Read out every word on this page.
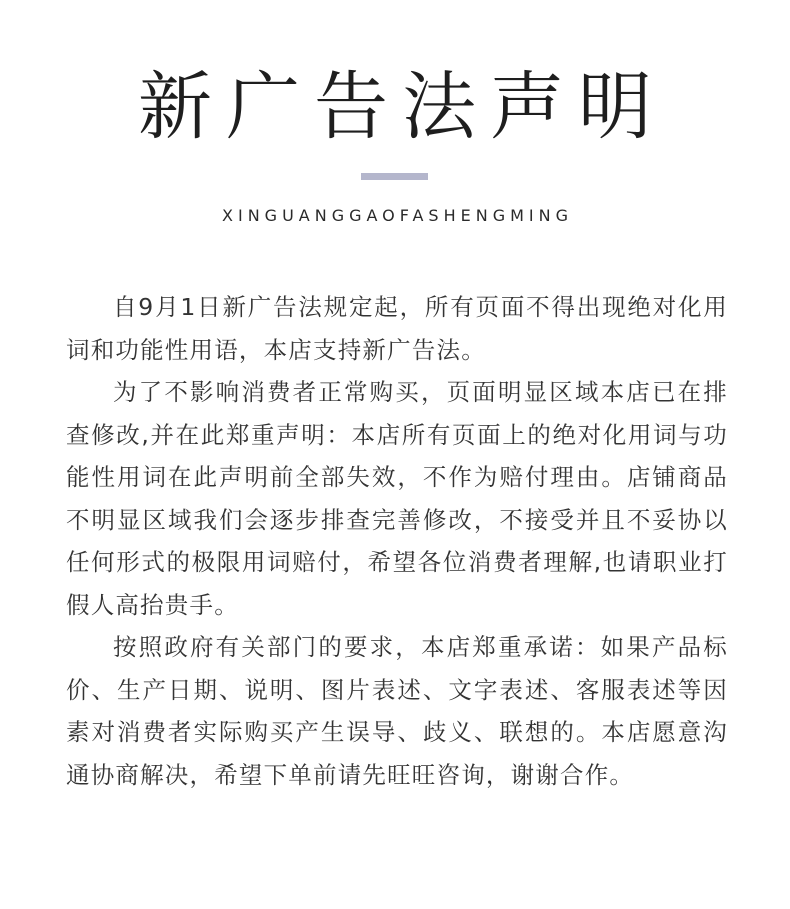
新广告法声明
XINGUANGGAOFASHENGMING

自9月1日新广告法规定起，所有页面不得出现绝对化用词和功能性用语，本店支持新广告法。

为了不影响消费者正常购买，页面明显区域本店已在排查修改,并在此郑重声明：本店所有页面上的绝对化用词与功能性用词在此声明前全部失效，不作为赔付理由。店铺商品不明显区域我们会逐步排查完善修改，不接受并且不妥协以任何形式的极限用词赔付，希望各位消费者理解,也请职业打假人高抬贵手。

按照政府有关部门的要求，本店郑重承诺：如果产品标价、生产日期、说明、图片表述、文字表述、客服表述等因素对消费者实际购买产生误导、歧义、联想的。本店愿意沟通协商解决，希望下单前请先旺旺咨询，谢谢合作。
